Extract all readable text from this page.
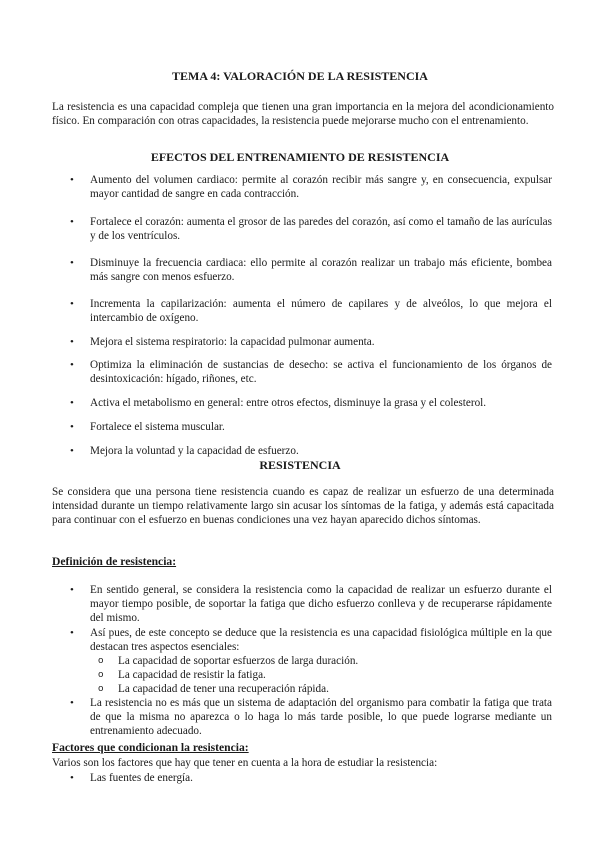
TEMA 4: VALORACIÓN DE LA RESISTENCIA
La resistencia es una capacidad compleja que tienen una gran importancia en la mejora del acondicionamiento físico. En comparación con otras capacidades, la resistencia puede mejorarse mucho con el entrenamiento.
EFECTOS DEL ENTRENAMIENTO DE RESISTENCIA
• Aumento del volumen cardiaco: permite al corazón recibir más sangre y, en consecuencia, expulsar mayor cantidad de sangre en cada contracción.
• Fortalece el corazón: aumenta el grosor de las paredes del corazón, así como el tamaño de las aurículas y de los ventrículos.
• Disminuye la frecuencia cardiaca: ello permite al corazón realizar un trabajo más eficiente, bombea más sangre con menos esfuerzo.
• Incrementa la capilarización: aumenta el número de capilares y de alveólos, lo que mejora el intercambio de oxígeno.
• Mejora el sistema respiratorio: la capacidad pulmonar aumenta.
• Optimiza la eliminación de sustancias de desecho: se activa el funcionamiento de los órganos de desintoxicación: hígado, riñones, etc.
• Activa el metabolismo en general: entre otros efectos, disminuye la grasa y el colesterol.
• Fortalece el sistema muscular.
• Mejora la voluntad y la capacidad de esfuerzo.
RESISTENCIA
Se considera que una persona tiene resistencia cuando es capaz de realizar un esfuerzo de una determinada intensidad durante un tiempo relativamente largo sin acusar los síntomas de la fatiga, y además está capacitada para continuar con el esfuerzo en buenas condiciones una vez hayan aparecido dichos síntomas.
Definición de resistencia:
• En sentido general, se considera la resistencia como la capacidad de realizar un esfuerzo durante el mayor tiempo posible, de soportar la fatiga que dicho esfuerzo conlleva y de recuperarse rápidamente del mismo.
• Así pues, de este concepto se deduce que la resistencia es una capacidad fisiológica múltiple en la que destacan tres aspectos esenciales:
o La capacidad de soportar esfuerzos de larga duración.
o La capacidad de resistir la fatiga.
o La capacidad de tener una recuperación rápida.
• La resistencia no es más que un sistema de adaptación del organismo para combatir la fatiga que trata de que la misma no aparezca o lo haga lo más tarde posible, lo que puede lograrse mediante un entrenamiento adecuado.
Factores que condicionan la resistencia:
Varios son los factores que hay que tener en cuenta a la hora de estudiar la resistencia:
• Las fuentes de energía.
